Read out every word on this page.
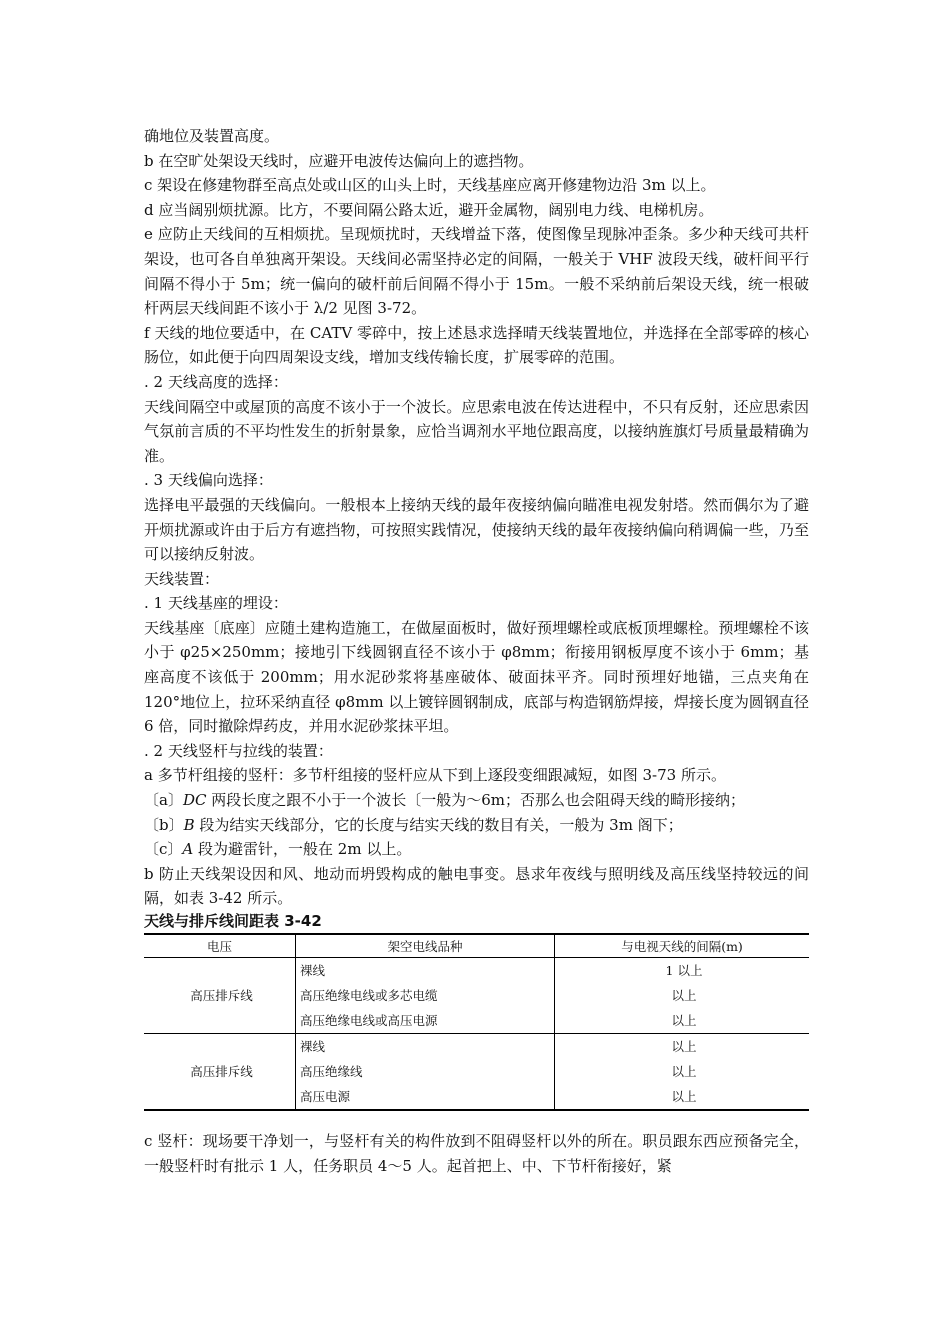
确地位及装置高度。

b 在空旷处架设天线时，应避开电波传达偏向上的遮挡物。

c 架设在修建物群至高点处或山区的山头上时，天线基座应离开修建物边沿 3m 以上。

d 应当阔别烦扰源。比方，不要间隔公路太近，避开金属物，阔别电力线、电梯机房。

e 应防止天线间的互相烦扰。呈现烦扰时，天线增益下落，使图像呈现脉冲歪条。多少种天线可共杆架设，也可各自单独离开架设。天线间必需坚持必定的间隔，一般关于 VHF 波段天线，破杆间平行间隔不得小于 5m；统一偏向的破杆前后间隔不得小于 15m。一般不采纳前后架设天线，统一根破杆两层天线间距不该小于 λ/2 见图 3-72。

f 天线的地位要适中，在 CATV 零碎中，按上述恳求选择晴天线装置地位，并选择在全部零碎的核心肠位，如此便于向四周架设支线，增加支线传输长度，扩展零碎的范围。

. 2 天线高度的选择：

天线间隔空中或屋顶的高度不该小于一个波长。应思索电波在传达进程中，不只有反射，还应思索因气氛前言质的不平均性发生的折射景象，应恰当调剂水平地位跟高度，以接纳旌旗灯号质量最精确为准。

. 3 天线偏向选择：

选择电平最强的天线偏向。一般根本上接纳天线的最年夜接纳偏向瞄准电视发射塔。然而偶尔为了避开烦扰源或许由于后方有遮挡物，可按照实践情况，使接纳天线的最年夜接纳偏向稍调偏一些，乃至可以接纳反射波。

天线装置：

. 1 天线基座的埋设：

天线基座〔底座〕应随土建构造施工，在做屋面板时，做好预埋螺栓或底板顶埋螺栓。预埋螺栓不该小于 φ25×250mm；接地引下线圆钢直径不该小于 φ8mm；衔接用钢板厚度不该小于 6mm；基座高度不该低于 200mm；用水泥砂浆将基座破体、破面抹平齐。同时预埋好地锚，三点夹角在 120°地位上，拉环采纳直径 φ8mm 以上镀锌圆钢制成，底部与构造钢筋焊接，焊接长度为圆钢直径 6 倍，同时撤除焊药皮，并用水泥砂浆抹平坦。

. 2 天线竖杆与拉线的装置：

a 多节杆组接的竖杆：多节杆组接的竖杆应从下到上逐段变细跟减短，如图 3-73 所示。

〔a〕DC 两段长度之跟不小于一个波长〔一般为～6m；否那么也会阻碍天线的畸形接纳；

〔b〕B 段为结实天线部分，它的长度与结实天线的数目有关，一般为 3m 阁下；

〔c〕A 段为避雷针，一般在 2m 以上。

b 防止天线架设因和风、地动而坍毁构成的触电事变。恳求年夜线与照明线及高压线坚持较远的间隔，如表 3-42 所示。

天线与排斥线间距表 3-42

电压	架空电线品种	与电视天线的间隔(m)
高压排斥线	裸线	1 以上
	高压绝缘电线或多芯电缆	以上
	高压绝缘电线或高压电源	以上
高压排斥线	裸线	以上
	高压绝缘线	以上
	高压电源	以上

c 竖杆：现场要干净划一，与竖杆有关的构件放到不阻碍竖杆以外的所在。职员跟东西应预备完全，一般竖杆时有批示 1 人，任务职员 4～5 人。起首把上、中、下节杆衔接好，紧
